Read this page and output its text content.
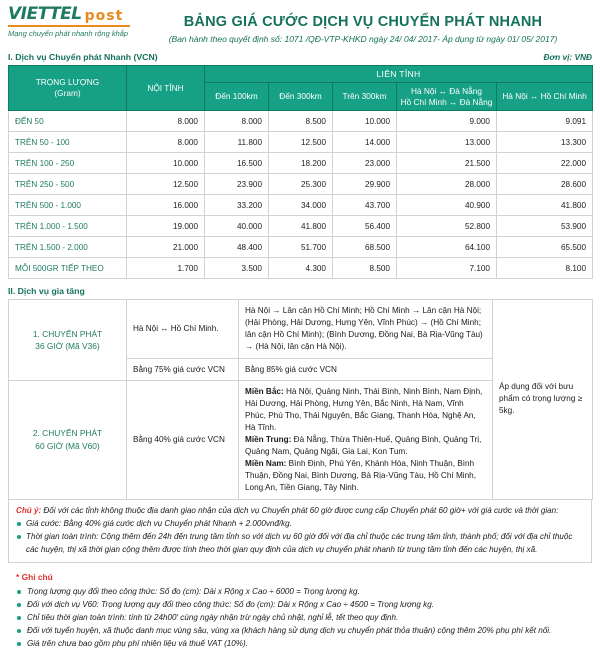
VIETTEL post
Mạng chuyển phát nhanh rộng khắp
BẢNG GIÁ CƯỚC DỊCH VỤ CHUYỂN PHÁT NHANH
(Ban hành theo quyết định số: 1071 /QĐ-VTP-KHKD ngày 24/ 04/ 2017- Áp dụng từ ngày 01/ 05/ 2017)
I. Dịch vụ Chuyển phát Nhanh (VCN)	Đơn vị: VNĐ
TRỌNG LƯỢNG
(Gram)	NỘI TỈNH	LIÊN TỈNH				
		Đến 100km	Đến 300km	Trên 300km	Hà Nội ↔ Đà Nẵng
Hồ Chí Minh ↔ Đà Nẵng	Hà Nội ↔ Hồ Chí Minh
ĐẾN 50	8.000	8.000	8.500	10.000	9.000	9.091
TRÊN 50 - 100	8.000	11.800	12.500	14.000	13.000	13.300
TRÊN 100 - 250	10.000	16.500	18.200	23.000	21.500	22.000
TRÊN 250 - 500	12.500	23.900	25.300	29.900	28.000	28.600
TRÊN 500 - 1.000	16.000	33.200	34.000	43.700	40.900	41.800
TRÊN 1.000 - 1.500	19.000	40.000	41.800	56.400	52.800	53.900
TRÊN 1.500 - 2.000	21.000	48.400	51.700	68.500	64.100	65.500
MỖI 500GR TIẾP THEO	1.700	3.500	4.300	8.500	7.100	8.100
II. Dịch vụ gia tăng
1. CHUYỂN PHÁT
36 GIỜ (Mã V36)	Hà Nội ↔ Hồ Chí Minh.	Hà Nội → Lân cận Hồ Chí Minh; Hồ Chí Minh → Lân cận Hà Nội; (Hải Phòng, Hải Dương, Hưng Yên, Vĩnh Phúc) → (Hồ Chí Minh; lân cận Hồ Chí Minh); (Bình Dương, Đồng Nai, Bà Rịa-Vũng Tàu) → (Hà Nội, lân cận Hà Nội).	Áp dụng đối với bưu phẩm có trọng lượng ≥ 5kg.
	Bằng 75% giá cước VCN	Bằng 85% giá cước VCN	
2. CHUYỂN PHÁT
60 GIỜ (Mã V60)	Bằng 40% giá cước VCN	Miền Bắc: Hà Nội, Quảng Ninh, Thái Bình, Ninh Bình, Nam Định, Hải Dương, Hải Phòng, Hưng Yên, Bắc Ninh, Hà Nam, Vĩnh Phúc, Phú Thọ, Thái Nguyên, Bắc Giang, Thanh Hóa, Nghệ An, Hà Tĩnh.
Miền Trung: Đà Nẵng, Thừa Thiên-Huế, Quảng Bình, Quảng Trị, Quảng Nam, Quảng Ngãi, Gia Lai, Kon Tum.
Miền Nam: Bình Định, Phú Yên, Khánh Hòa, Ninh Thuận, Bình Thuận, Đồng Nai, Bình Dương, Bà Rịa-Vũng Tàu, Hồ Chí Minh, Long An, Tiền Giang, Tây Ninh.	

Chú ý: Đối với các tỉnh không thuộc địa danh giao nhận của dịch vụ Chuyển phát 60 giờ được cung cấp Chuyển phát 60 giờ+ với giá cước và thời gian:
Giá cước: Bằng 40% giá cước dịch vụ Chuyển phát Nhanh + 2.000vnđ/kg.
Thời gian toàn trình: Cộng thêm đến 24h đến trung tâm tỉnh so với dịch vụ 60 giờ đối với địa chỉ thuộc các trung tâm tỉnh, thành phố; đối với địa chỉ thuộc các huyện, thị xã thời gian cộng thêm được tính theo thời gian quy định của dịch vụ chuyển phát nhanh từ trung tâm tỉnh đến các huyện, thị xã.
* Ghi chú
Trọng lượng quy đổi theo công thức: Số đo (cm): Dài x Rộng x Cao ÷ 6000 = Trọng lượng kg.
Đối với dịch vụ V60: Trọng lượng quy đổi theo công thức: Số đo (cm): Dài x Rộng x Cao ÷ 4500 = Trọng lượng kg.
Chỉ tiêu thời gian toàn trình: tính từ 24h00' cùng ngày nhận trừ ngày chủ nhật, nghỉ lễ, tết theo quy định.
Đối với tuyến huyện, xã thuộc danh mục vùng sâu, vùng xa (khách hàng sử dụng dịch vụ chuyển phát thỏa thuận) cộng thêm 20% phụ phí kết nối.
Giá trên chưa bao gồm phụ phí nhiên liệu và thuế VAT (10%).
